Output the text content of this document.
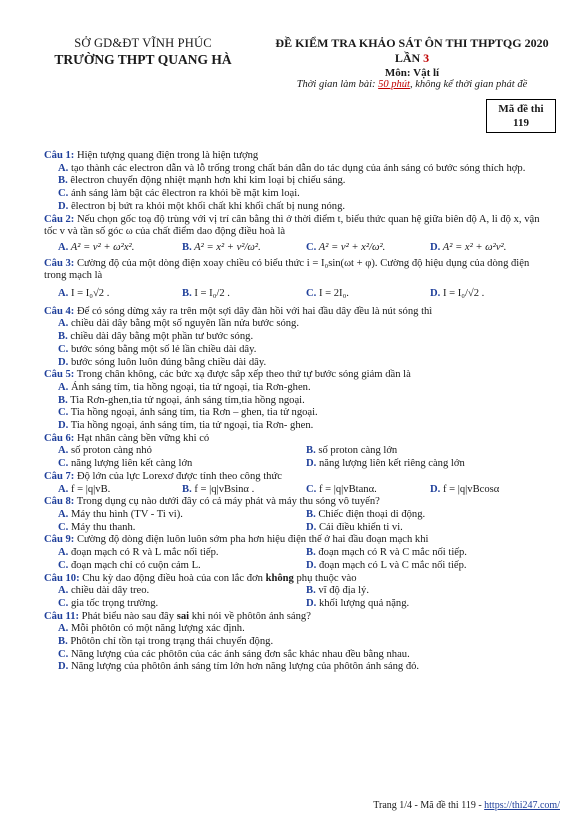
SỞ GD&ĐT VĨNH PHÚC
TRƯỜNG THPT QUANG HÀ
ĐỀ KIỂM TRA KHẢO SÁT ÔN THI THPTQG 2020
LẦN 3
Môn: Vật lí
Thời gian làm bài: 50 phút, không kể thời gian phát đề
Mã đề thi
119
Câu 1: Hiện tượng quang điện trong là hiện tượng
A. tạo thành các electron dẫn và lỗ trống trong chất bán dẫn do tác dụng của ánh sáng có bước sóng thích hợp.
B. êlectron chuyển động nhiệt mạnh hơn khi kim loại bị chiếu sáng.
C. ánh sáng làm bật các êlectron ra khỏi bề mặt kim loại.
D. êlectron bị bứt ra khỏi một khối chất khi khối chất bị nung nóng.
Câu 2: Nếu chọn gốc toạ độ trùng với vị trí cân bằng thì ở thời điểm t, biểu thức quan hệ giữa biên độ A, li độ x, vận tốc v và tần số góc ω của chất điểm dao động điều hoà là
A. A² = v² + ω²x².	B. A² = x² + v²/ω².	C. A² = v² + x²/ω².	D. A² = x² + ω²v².
Câu 3: Cường độ của một dòng điện xoay chiều có biểu thức i = I₀sin(ωt + φ). Cường độ hiệu dụng của dòng điện trong mạch là
A. I = I₀√2 .	B. I = I₀/2 .	C. I = 2I₀.	D. I = I₀/√2 .
Câu 4: Để có sóng dừng xảy ra trên một sợi dây đàn hồi với hai đầu dây đều là nút sóng thì
A. chiều dài dây bằng một số nguyên lần nửa bước sóng.
B. chiều dài dây bằng một phần tư bước sóng.
C. bước sóng bằng một số lẻ lần chiều dài dây.
D. bước sóng luôn luôn đúng bằng chiều dài dây.
Câu 5: Trong chân không, các bức xạ được sắp xếp theo thứ tự bước sóng giảm dần là
A. Ánh sáng tím, tia hồng ngoại, tia tử ngoại, tia Rơn-ghen.
B. Tia Rơn-ghen,tia tử ngoại, ánh sáng tím,tia hồng ngoại.
C. Tia hồng ngoại, ánh sáng tím, tia Rơn – ghen, tia tử ngoại.
D. Tia hồng ngoại, ánh sáng tím, tia tử ngoại, tia Rơn- ghen.
Câu 6: Hạt nhân càng bền vững khi có
A. số proton càng nhỏ	B. số proton càng lớn
C. năng lượng liên kết càng lớn	D. năng lượng liên kết riêng càng lớn
Câu 7: Độ lớn của lực Lorexơ được tính theo công thức
A. f = |q|vB.	B. f = |q|vBsinα .	C. f = |q|vBtanα.	D. f = |q|vBcosα
Câu 8: Trong dụng cụ nào dưới đây có cả máy phát và máy thu sóng vô tuyến?
A. Máy thu hình (TV - Ti vi).	B. Chiếc điện thoại di động.
C. Máy thu thanh.	D. Cái điều khiển ti vi.
Câu 9: Cường độ dòng điện luôn luôn sớm pha hơn hiệu điện thế ở hai đầu đoạn mạch khi
A. đoạn mạch có R và L mắc nối tiếp.	B. đoạn mạch có R và C mắc nối tiếp.
C. đoạn mạch chỉ có cuộn cảm L.	D. đoạn mạch có L và C mắc nối tiếp.
Câu 10: Chu kỳ dao động điều hoà của con lắc đơn không phụ thuộc vào
A. chiều dài dây treo.	B. vĩ độ địa lý.
C. gia tốc trọng trường.	D. khối lượng quả nặng.
Câu 11: Phát biểu nào sau đây sai khi nói về phôtôn ánh sáng?
A. Mỗi phôtôn có một năng lượng xác định.
B. Phôtôn chỉ tồn tại trong trạng thái chuyển động.
C. Năng lượng của các phôtôn của các ánh sáng đơn sắc khác nhau đều bằng nhau.
D. Năng lượng của phôtôn ánh sáng tím lớn hơn năng lượng của phôtôn ánh sáng đỏ.
Trang 1/4 - Mã đề thi 119 - https://thi247.com/
